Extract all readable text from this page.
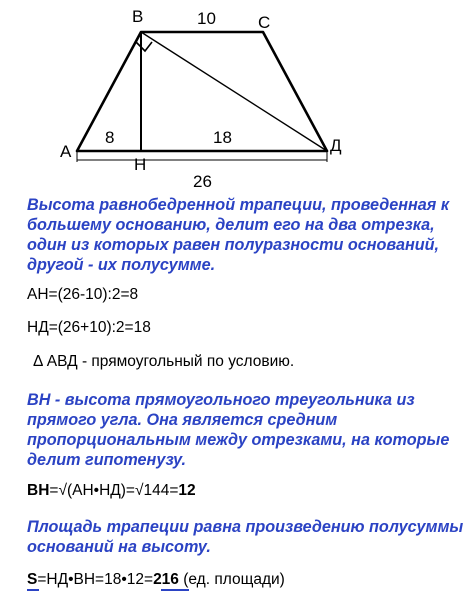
B	C
A	Д
H
10
8	18
26
Высота равнобедренной трапеции, проведенная к
большему основанию, делит его на два отрезка,
один из которых равен полуразности оснований,
другой - их полусумме.
AH=(26-10):2=8
НД=(26+10):2=18
Δ АВД - прямоугольный по условию.
ВН - высота прямоугольного треугольника из
прямого угла. Она является средним
пропорциональным между отрезками, на которые
делит гипотенузу.
ВН=√(АН•НД)=√144=12
Площадь трапеции равна произведению полусуммы
оснований на высоту.
S=НД•ВН=18•12=216 (ед. площади)
